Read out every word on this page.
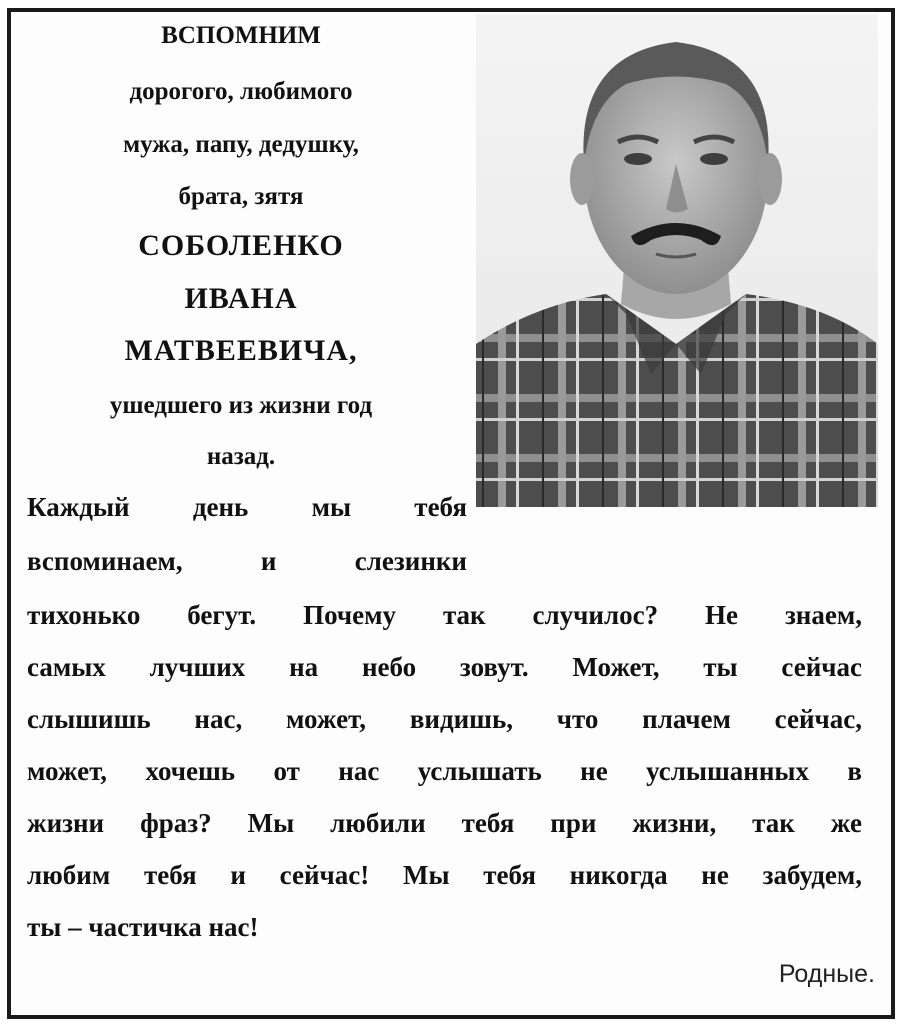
ВСПОМНИМ
дорогого, любимого
мужа, папу, дедушку,
брата, зятя
СОБОЛЕНКО
ИВАНА
МАТВЕЕВИЧА,
ушедшего из жизни год
назад.
Каждый день мы тебя
вспоминаем, и слезинки
тихонько бегут. Почему так случилос? Не знаем,
самых лучших на небо зовут. Может, ты сейчас
слышишь нас, может, видишь, что плачем сейчас,
может, хочешь от нас услышать не услышанных в
жизни фраз? Мы любили тебя при жизни, так же
любим тебя и сейчас! Мы тебя никогда не забудем,
ты – частичка нас!
Родные.
